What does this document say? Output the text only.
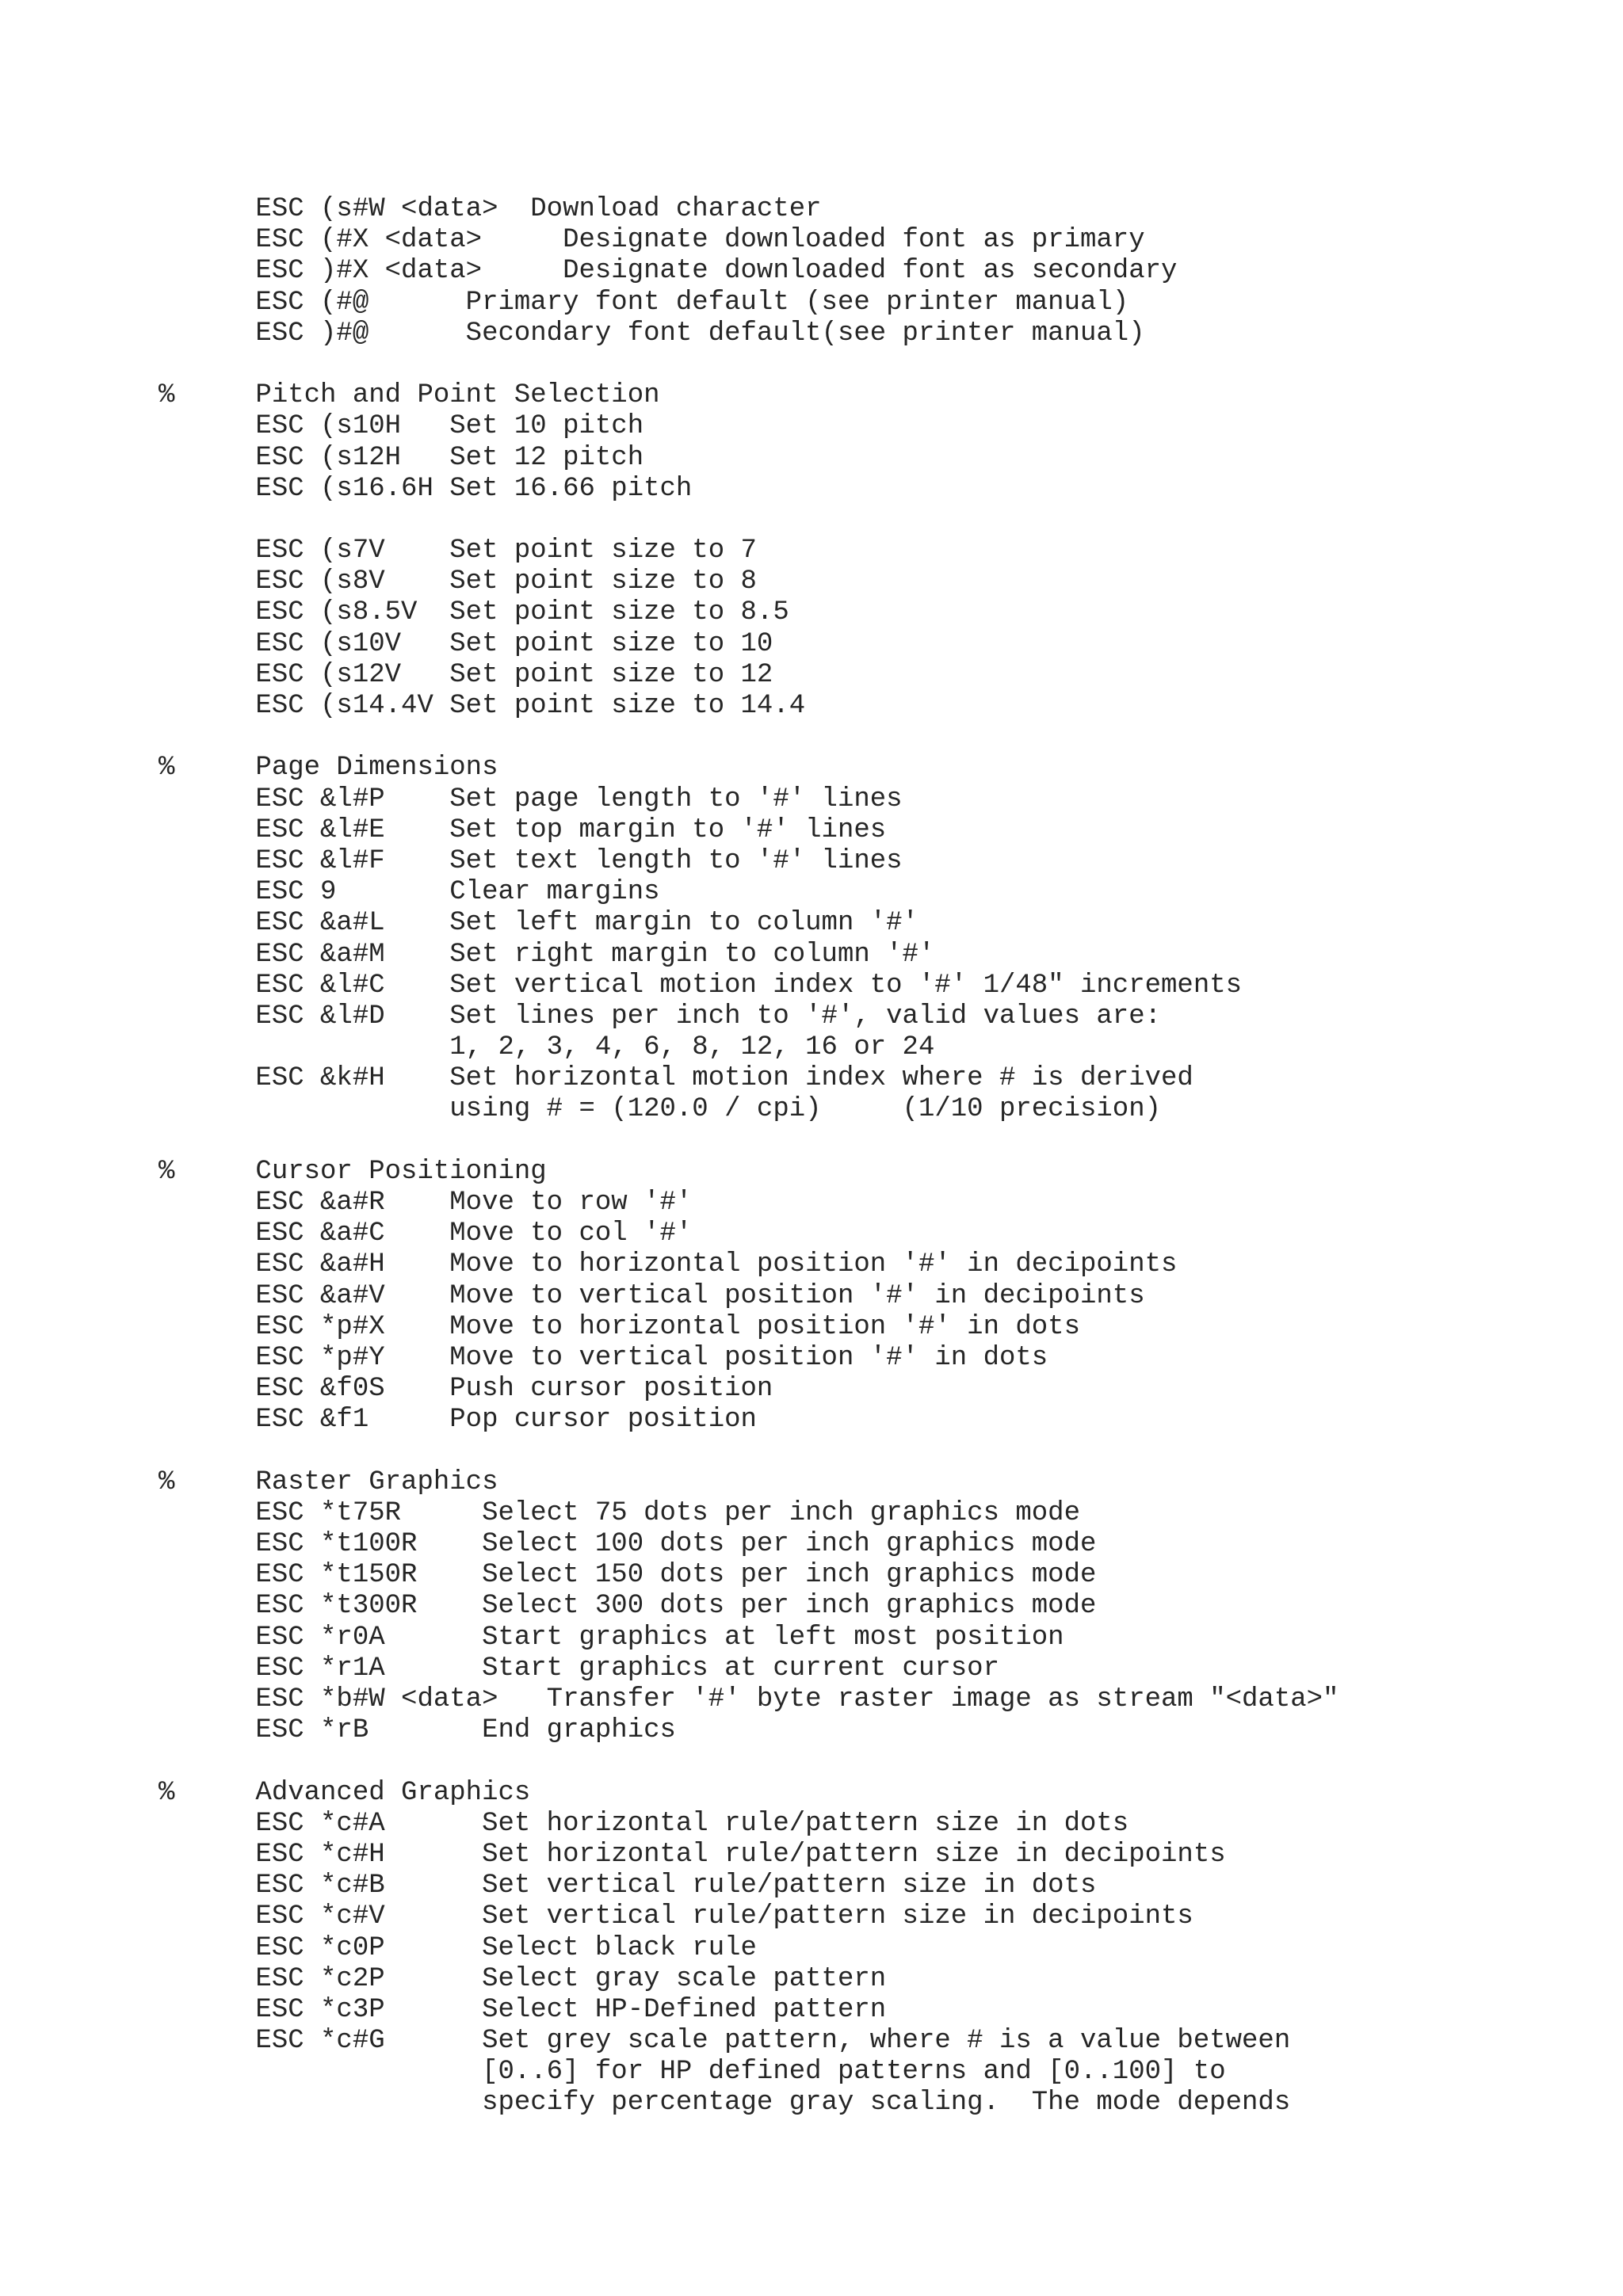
ESC (s#W <data>  Download character
ESC (#X <data>     Designate downloaded font as primary
ESC )#X <data>     Designate downloaded font as secondary
ESC (#@      Primary font default (see printer manual)
ESC )#@      Secondary font default(see printer manual)
%     Pitch and Point Selection
ESC (s10H   Set 10 pitch
ESC (s12H   Set 12 pitch
ESC (s16.6H Set 16.66 pitch
ESC (s7V    Set point size to 7
ESC (s8V    Set point size to 8
ESC (s8.5V  Set point size to 8.5
ESC (s10V   Set point size to 10
ESC (s12V   Set point size to 12
ESC (s14.4V Set point size to 14.4
%     Page Dimensions
ESC &l#P    Set page length to '#' lines
ESC &l#E    Set top margin to '#' lines
ESC &l#F    Set text length to '#' lines
ESC 9       Clear margins
ESC &a#L    Set left margin to column '#'
ESC &a#M    Set right margin to column '#'
ESC &l#C    Set vertical motion index to '#' 1/48" increments
ESC &l#D    Set lines per inch to '#', valid values are:
1, 2, 3, 4, 6, 8, 12, 16 or 24
ESC &k#H    Set horizontal motion index where # is derived
using # = (120.0 / cpi)     (1/10 precision)
%     Cursor Positioning
ESC &a#R    Move to row '#'
ESC &a#C    Move to col '#'
ESC &a#H    Move to horizontal position '#' in decipoints
ESC &a#V    Move to vertical position '#' in decipoints
ESC *p#X    Move to horizontal position '#' in dots
ESC *p#Y    Move to vertical position '#' in dots
ESC &f0S    Push cursor position
ESC &f1     Pop cursor position
%     Raster Graphics
ESC *t75R     Select 75 dots per inch graphics mode
ESC *t100R    Select 100 dots per inch graphics mode
ESC *t150R    Select 150 dots per inch graphics mode
ESC *t300R    Select 300 dots per inch graphics mode
ESC *r0A      Start graphics at left most position
ESC *r1A      Start graphics at current cursor
ESC *b#W <data>   Transfer '#' byte raster image as stream "<data>"
ESC *rB       End graphics
%     Advanced Graphics
ESC *c#A      Set horizontal rule/pattern size in dots
ESC *c#H      Set horizontal rule/pattern size in decipoints
ESC *c#B      Set vertical rule/pattern size in dots
ESC *c#V      Set vertical rule/pattern size in decipoints
ESC *c0P      Select black rule
ESC *c2P      Select gray scale pattern
ESC *c3P      Select HP-Defined pattern
ESC *c#G      Set grey scale pattern, where # is a value between
[0..6] for HP defined patterns and [0..100] to
specify percentage gray scaling.  The mode depends
